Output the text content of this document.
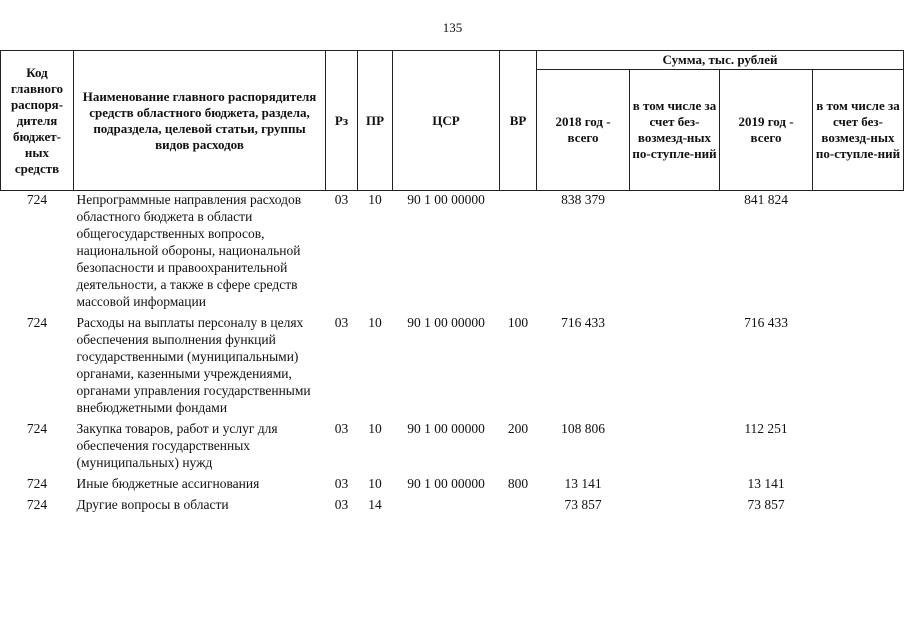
135
Код главного распоря-дителя бюджет-ных средств	Наименование главного распорядителя средств областного бюджета, раздела, подраздела, целевой статьи, группы видов расходов	Рз	ПР	ЦСР	ВР	Сумма, тыс. рублей			
						2018 год - всего	в том числе за счет без-возмезд-ных по-ступле-ний	2019 год - всего	в том числе за счет без-возмезд-ных по-ступле-ний
724	Непрограммные направления расходов областного бюджета в области общегосударственных вопросов, национальной обороны, национальной безопасности и правоохранительной деятельности, а также в сфере средств массовой информации	03	10	90 1 00 00000		838 379		841 824	
724	Расходы на выплаты персоналу в целях обеспечения выполнения функций государственными (муниципальными) органами, казенными учреждениями, органами управления государственными внебюджетными фондами	03	10	90 1 00 00000	100	716 433		716 433	
724	Закупка товаров, работ и услуг для обеспечения государственных (муниципальных) нужд	03	10	90 1 00 00000	200	108 806		112 251	
724	Иные бюджетные ассигнования	03	10	90 1 00 00000	800	13 141		13 141	
724	Другие вопросы в области	03	14			73 857		73 857	
